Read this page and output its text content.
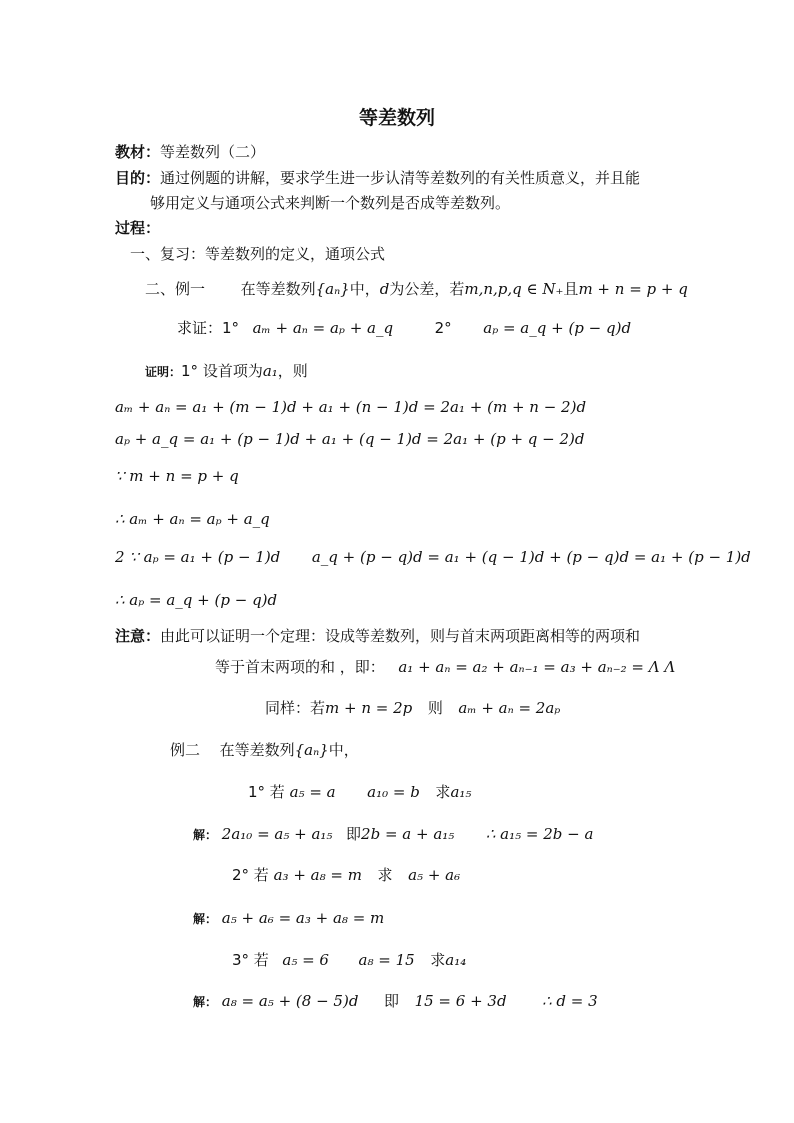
等差数列
教材：等差数列（二）
目的：通过例题的讲解，要求学生进一步认清等差数列的有关性质意义，并且能
够用定义与通项公式来判断一个数列是否成等差数列。
过程：
一、复习：等差数列的定义，通项公式
二、例一 在等差数列{aₙ}中，d为公差，若m,n,p,q ∈ N₊且m + n = p + q
求证：1° aₘ + aₙ = aₚ + a_q	2° aₚ = a_q + (p − q)d
证明：1° 设首项为a₁，则
aₘ + aₙ = a₁ + (m − 1)d + a₁ + (n − 1)d = 2a₁ + (m + n − 2)d
aₚ + a_q = a₁ + (p − 1)d + a₁ + (q − 1)d = 2a₁ + (p + q − 2)d
∵ m + n = p + q
∴ aₘ + aₙ = aₚ + a_q
2 ∵ aₚ = a₁ + (p − 1)d a_q + (p − q)d = a₁ + (q − 1)d + (p − q)d = a₁ + (p − 1)d
∴ aₚ = a_q + (p − q)d
注意：由此可以证明一个定理：设成等差数列，则与首末两项距离相等的两项和
等于首末两项的和 ，即： a₁ + aₙ = a₂ + aₙ₋₁ = a₃ + aₙ₋₂ = Λ Λ
同样：若m + n = 2p 则 aₘ + aₙ = 2aₚ
例二 在等差数列{aₙ}中，
1° 若 a₅ = a a₁₀ = b 求a₁₅
解： 2a₁₀ = a₅ + a₁₅ 即2b = a + a₁₅ ∴ a₁₅ = 2b − a
2° 若 a₃ + a₈ = m 求 a₅ + a₆
解： a₅ + a₆ = a₃ + a₈ = m
3° 若 a₅ = 6 a₈ = 15 求a₁₄
解： a₈ = a₅ + (8 − 5)d 即 15 = 6 + 3d ∴ d = 3
